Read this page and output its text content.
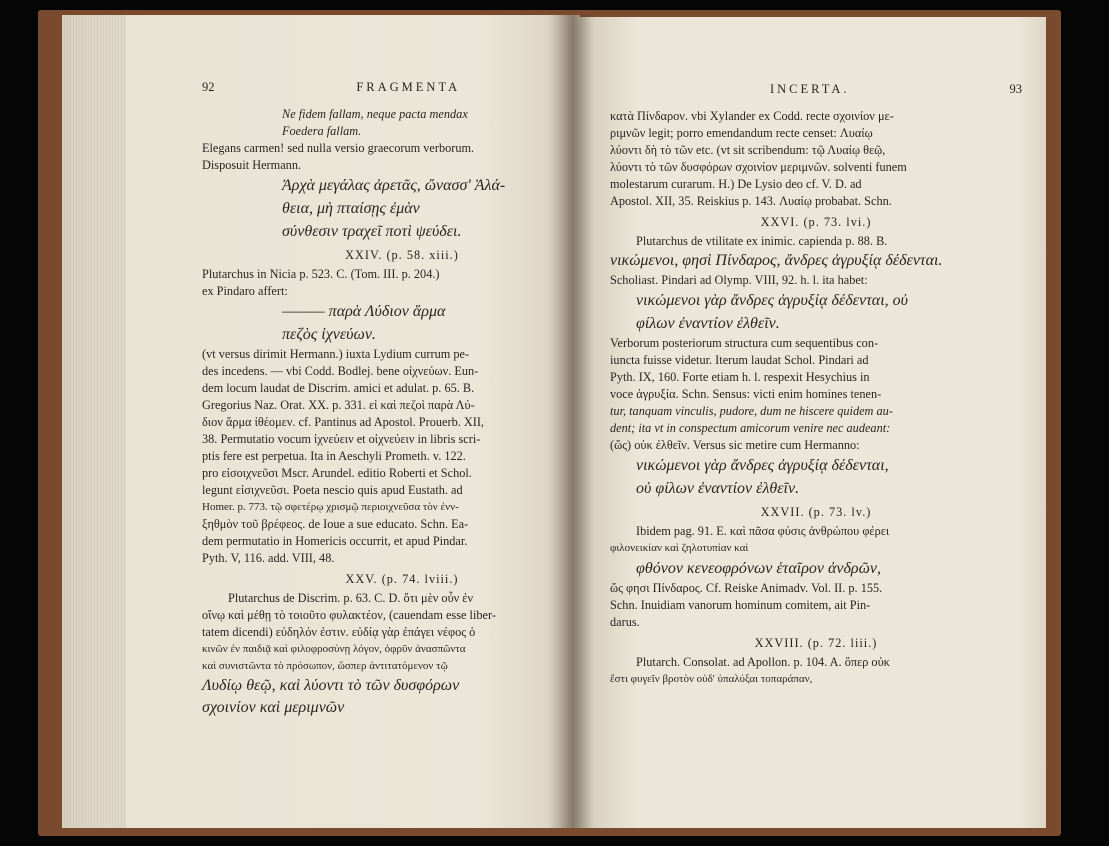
92	FRAGMENTA

Ne fidem fallam, neque pacta mendax

Foedera fallam.

Elegans carmen! sed nulla versio graecorum verborum.

Disposuit Hermann.

Ἀρχὰ μεγάλας ἀρετᾶς, ὤνασσ' Ἀλά-

θεια, μὴ πταίσῃς ἐμὰν

σύνθεσιν τραχεῖ ποτὶ ψεύδει.

XXIV. (p. 58. xiii.)

Plutarchus in Nicia p. 523. C. (Tom. III. p. 204.)

ex Pindaro affert:

——— παρὰ Λύδιον ἅρμα

πεζὸς ἰχνεύων.

(vt versus dirimit Hermann.) iuxta Lydium currum pe-

des incedens. — vbi Codd. Bodlej. bene οἰχνεύων. Eun-

dem locum laudat de Discrim. amici et adulat. p. 65. B.

Gregorius Naz. Orat. XX. p. 331. εἰ καὶ πεζοὶ παρὰ Λύ-

διον ἅρμα ἰθέομεν. cf. Pantinus ad Apostol. Prouerb. XII,

38. Permutatio vocum ἰχνεύειν et οἰχνεύειν in libris scri-

ptis fere est perpetua. Ita in Aeschyli Prometh. v. 122.

pro εἰσοιχνεῦσι Mscr. Arundel. editio Roberti et Schol.

legunt εἰσιχνεῦσι. Poeta nescio quis apud Eustath. ad

Homer. p. 773. τῷ σφετέρῳ χρισμῷ περιοιχνεῦσα τὸν ἐνν-

ξηθμὸν τοῦ βρέφεος. de Ioue a sue educato. Schn. Ea-

dem permutatio in Homericis occurrit, et apud Pindar.

Pyth. V, 116. add. VIII, 48.

XXV. (p. 74. lviii.)

Plutarchus de Discrim. p. 63. C. D. ὅτι μὲν οὖν ἐν

οἴνῳ καὶ μέθῃ τὸ τοιοῦτο φυλακτέον, (cauendam esse liber-

tatem dicendi) εὐδηλόν ἐστιν. εὐδίᾳ γὰρ ἐπάγει νέφος ὁ

κινῶν ἐν παιδιᾷ καὶ φιλοφροσύνῃ λόγον, ὀφρῦν ἀνασπῶντα

καὶ συνιστῶντα τὸ πρόσωπον, ὥσπερ ἀντιτατόμενον τῷ

Λυδίῳ θεῷ, καὶ λύοντι τὸ τῶν δυσφόρων

σχοινίον καὶ μεριμνῶν

INCERTA.	93

κατὰ Πίνδαρον. vbi Xylander ex Codd. recte σχοινίον με-

ριμνῶν legit; porro emendandum recte censet: Λυαίῳ

λύοντι δὴ τὸ τῶν etc. (vt sit scribendum: τῷ Λυαίῳ θεῷ,

λύοντι τὸ τῶν δυσφόρων σχοινίον μεριμνῶν. solventi funem

molestarum curarum. H.) De Lysio deo cf. V. D. ad

Apostol. XII, 35. Reiskius p. 143. Λυαίῳ probabat. Schn.

XXVI. (p. 73. lvi.)

Plutarchus de vtilitate ex inimic. capienda p. 88. B.

νικώμενοι, φησὶ Πίνδαρος, ἄνδρες ἀγρυξίᾳ δέδενται.

Scholiast. Pindari ad Olymp. VIII, 92. h. l. ita habet:

νικώμενοι γὰρ ἄνδρες ἀγρυξίᾳ δέδενται, οὐ

φίλων ἐναντίον ἐλθεῖν.

Verborum posteriorum structura cum sequentibus con-

iuncta fuisse videtur. Iterum laudat Schol. Pindari ad

Pyth. IX, 160. Forte etiam h. l. respexit Hesychius in

voce ἀγρυξία. Schn. Sensus: victi enim homines tenen-

tur, tanquam vinculis, pudore, dum ne hiscere quidem au-

dent; ita vt in conspectum amicorum venire nec audeant:

(ὥς) οὐκ ἐλθεῖν. Versus sic metire cum Hermanno:

νικώμενοι γὰρ ἄνδρες ἀγρυξίᾳ δέδενται,

οὐ φίλων ἐναντίον ἐλθεῖν.

XXVII. (p. 73. lv.)

Ibidem pag. 91. E. καὶ πᾶσα φύσις ἀνθρώπου φέρει

φιλονεικίαν καὶ ζηλοτυπίαν καὶ

φθόνον κενεοφρόνων ἑταῖρον ἀνδρῶν,

ὥς φησι Πίνδαρος. Cf. Reiske Animadv. Vol. II. p. 155.

Schn. Inuidiam vanorum hominum comitem, ait Pin-

darus.

XXVIII. (p. 72. liii.)

Plutarch. Consolat. ad Apollon. p. 104. A. ὅπερ οὐκ

ἔστι φυγεῖν βροτὸν οὐδ' ὑπαλύξαι τοπαράπαν,
